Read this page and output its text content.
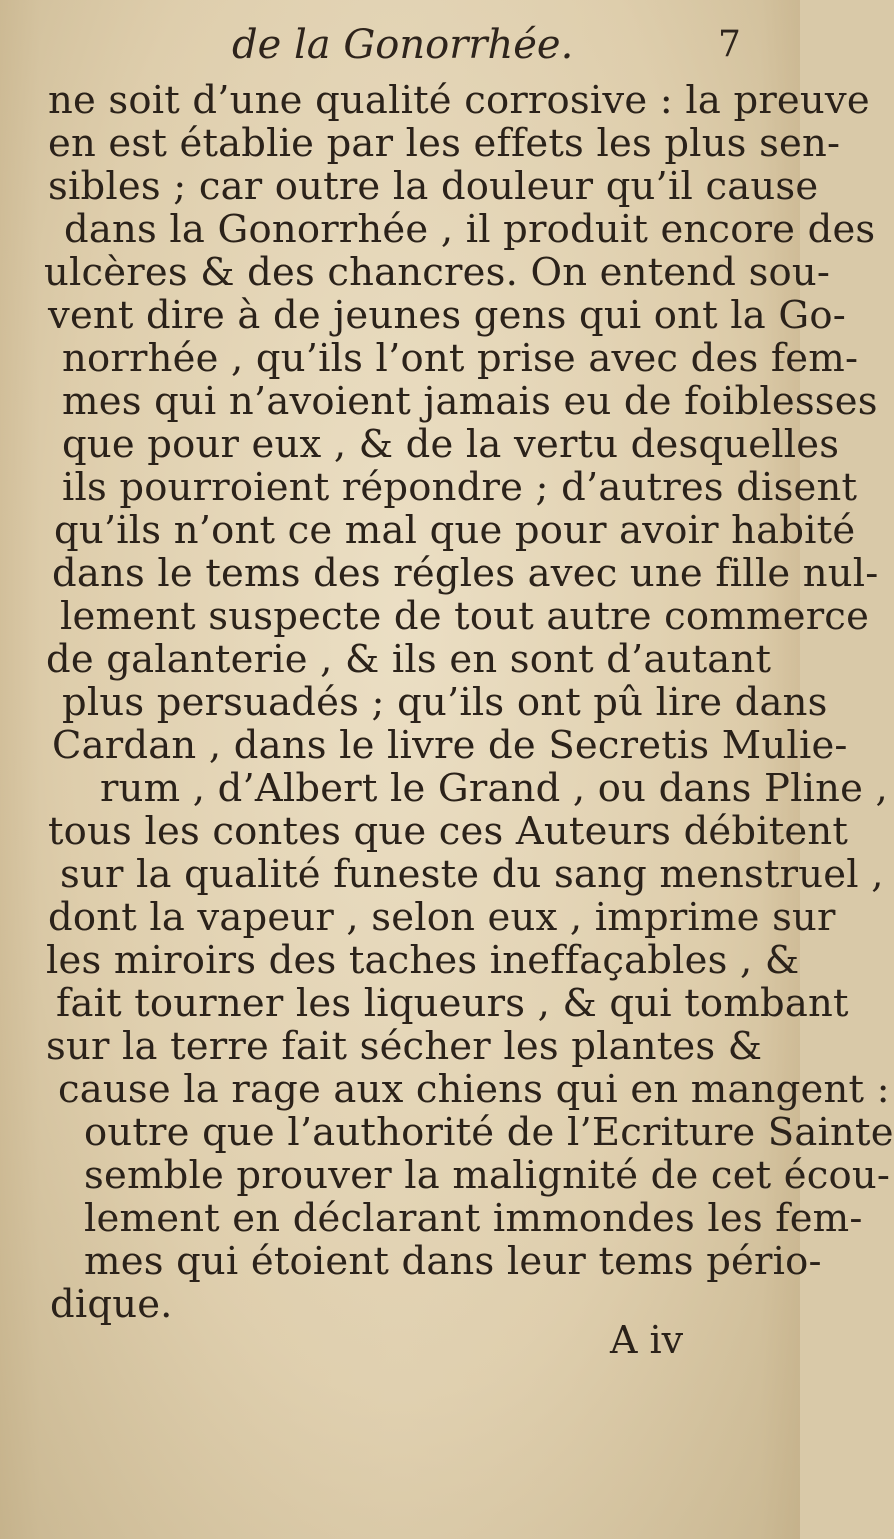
de la Gonorrhée.	7
ne soit d’une qualité corrosive : la preuve
en est établie par les effets les plus sen-
sibles ; car outre la douleur qu’il cause
dans la Gonorrhée , il produit encore des
ulcères & des chancres. On entend sou-
vent dire à de jeunes gens qui ont la Go-
norrhée , qu’ils l’ont prise avec des fem-
mes qui n’avoient jamais eu de foiblesses
que pour eux , & de la vertu desquelles
ils pourroient répondre ; d’autres disent
qu’ils n’ont ce mal que pour avoir habité
dans le tems des régles avec une fille nul-
lement suspecte de tout autre commerce
de galanterie , & ils en sont d’autant
plus persuadés ; qu’ils ont pû lire dans
Cardan , dans le livre de Secretis Mulie-
rum , d’Albert le Grand , ou dans Pline ,
tous les contes que ces Auteurs débitent
sur la qualité funeste du sang menstruel ,
dont la vapeur , selon eux , imprime sur
les miroirs des taches ineffaçables , &
fait tourner les liqueurs , & qui tombant
sur la terre fait sécher les plantes &
cause la rage aux chiens qui en mangent :
outre que l’authorité de l’Ecriture Sainte
semble prouver la malignité de cet écou-
lement en déclarant immondes les fem-
mes qui étoient dans leur tems pério-
dique.
A iv
